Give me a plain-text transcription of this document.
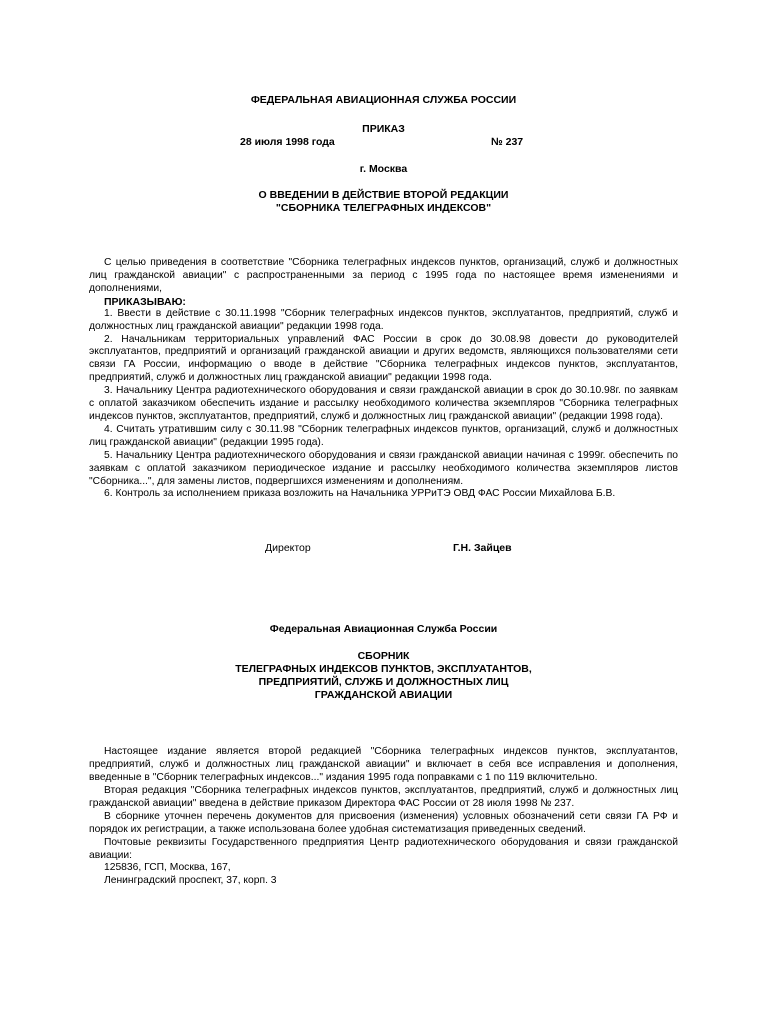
ФЕДЕРАЛЬНАЯ АВИАЦИОННАЯ СЛУЖБА РОССИИ
ПРИКАЗ
28 июля 1998 года	№ 237
г. Москва
О ВВЕДЕНИИ В ДЕЙСТВИЕ ВТОРОЙ РЕДАКЦИИ
"СБОРНИКА ТЕЛЕГРАФНЫХ ИНДЕКСОВ"

С целью приведения в соответствие "Сборника телеграфных индексов пунктов, организаций, служб и должностных лиц гражданской авиации" с распространенными за период с 1995 года по настоящее время изменениями и дополнениями,

ПРИКАЗЫВАЮ:

1. Ввести в действие с 30.11.1998 "Сборник телеграфных индексов пунктов, эксплуатантов, предприятий, служб и должностных лиц гражданской авиации" редакции 1998 года.

2. Начальникам территориальных управлений ФАС России в срок до 30.08.98 довести до руководителей эксплуатантов, предприятий и организаций гражданской авиации и других ведомств, являющихся пользователями сети связи ГА России, информацию о вводе в действие "Сборника телеграфных индексов пунктов, эксплуатантов, предприятий, служб и должностных лиц гражданской авиации" редакции 1998 года.

3. Начальнику Центра радиотехнического оборудования и связи гражданской авиации в срок до 30.10.98г. по заявкам с оплатой заказчиком обеспечить издание и рассылку необходимого количества экземпляров "Сборника телеграфных индексов пунктов, эксплуатантов, предприятий, служб и должностных лиц гражданской авиации" (редакции 1998 года).

4. Считать утратившим силу с 30.11.98 "Сборник телеграфных индексов пунктов, организаций, служб и должностных лиц гражданской авиации" (редакции 1995 года).

5. Начальнику Центра радиотехнического оборудования и связи гражданской авиации начиная с 1999г. обеспечить по заявкам с оплатой заказчиком периодическое издание и рассылку необходимого количества экземпляров листов "Сборника...", для замены листов, подвергшихся изменениям и дополнениям.

6. Контроль за исполнением приказа возложить на Начальника УРРиТЭ ОВД ФАС России Михайлова Б.В.

Директор	Г.Н. Зайцев
Федеральная Авиационная Служба России
СБОРНИК
ТЕЛЕГРАФНЫХ ИНДЕКСОВ ПУНКТОВ, ЭКСПЛУАТАНТОВ,
ПРЕДПРИЯТИЙ, СЛУЖБ И ДОЛЖНОСТНЫХ ЛИЦ
ГРАЖДАНСКОЙ АВИАЦИИ

Настоящее издание является второй редакцией "Сборника телеграфных индексов пунктов, эксплуатантов, предприятий, служб и должностных лиц гражданской авиации" и включает в себя все исправления и дополнения, введенные в "Сборник телеграфных индексов..." издания 1995 года поправками с 1 по 119 включительно.

Вторая редакция "Сборника телеграфных индексов пунктов, эксплуатантов, предприятий, служб и должностных лиц гражданской авиации" введена в действие приказом Директора ФАС России от 28 июля 1998 № 237.

В сборнике уточнен перечень документов для присвоения (изменения) условных обозначений сети связи ГА РФ и порядок их регистрации, а также использована более удобная систематизация приведенных сведений.

Почтовые реквизиты Государственного предприятия Центр радиотехнического оборудования и связи гражданской авиации:

125836, ГСП, Москва, 167,

Ленинградский проспект, 37, корп. 3
